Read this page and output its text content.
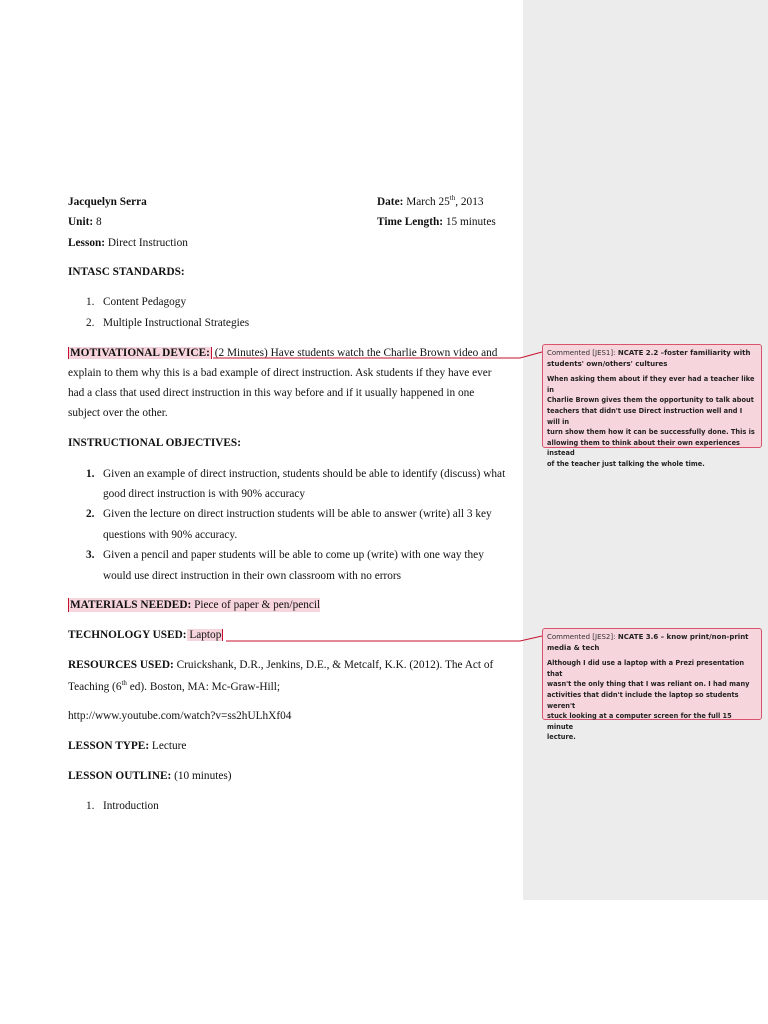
Jacquelyn Serra	Date: March 25th, 2013
Unit: 8	Time Length: 15 minutes
Lesson: Direct Instruction
INTASC STANDARDS:
1.   Content Pedagogy
2.   Multiple Instructional Strategies
MOTIVATIONAL DEVICE: (2 Minutes) Have students watch the Charlie Brown video and
explain to them why this is a bad example of direct instruction. Ask students if they have ever
had a class that used direct instruction in this way before and if it usually happened in one
subject over the other.
INSTRUCTIONAL OBJECTIVES:
1. Given an example of direct instruction, students should be able to identify (discuss) what
good direct instruction is with 90% accuracy
2. Given the lecture on direct instruction students will be able to answer (write) all 3 key
questions with 90% accuracy.
3. Given a pencil and paper students will be able to come up (write) with one way they
would use direct instruction in their own classroom with no errors
MATERIALS NEEDED: Piece of paper & pen/pencil
TECHNOLOGY USED: Laptop
RESOURCES USED: Cruickshank, D.R., Jenkins, D.E., & Metcalf, K.K. (2012). The Act of
Teaching (6th ed). Boston, MA: Mc-Graw-Hill;
http://www.youtube.com/watch?v=ss2hULhXf04
LESSON TYPE: Lecture
LESSON OUTLINE: (10 minutes)
1.   Introduction
Commented [JES1]: NCATE 2.2 –foster familiarity with
students' own/others' cultures

When asking them about if they ever had a teacher like in
Charlie Brown gives them the opportunity to talk about
teachers that didn't use Direct instruction well and I will in
turn show them how it can be successfully done. This is
allowing them to think about their own experiences instead
of the teacher just talking the whole time.

Commented [JES2]: NCATE 3.6 – know print/non-print
media & tech

Although I did use a laptop with a Prezi presentation that
wasn't the only thing that I was reliant on. I had many
activities that didn't include the laptop so students weren't
stuck looking at a computer screen for the full 15 minute
lecture.
